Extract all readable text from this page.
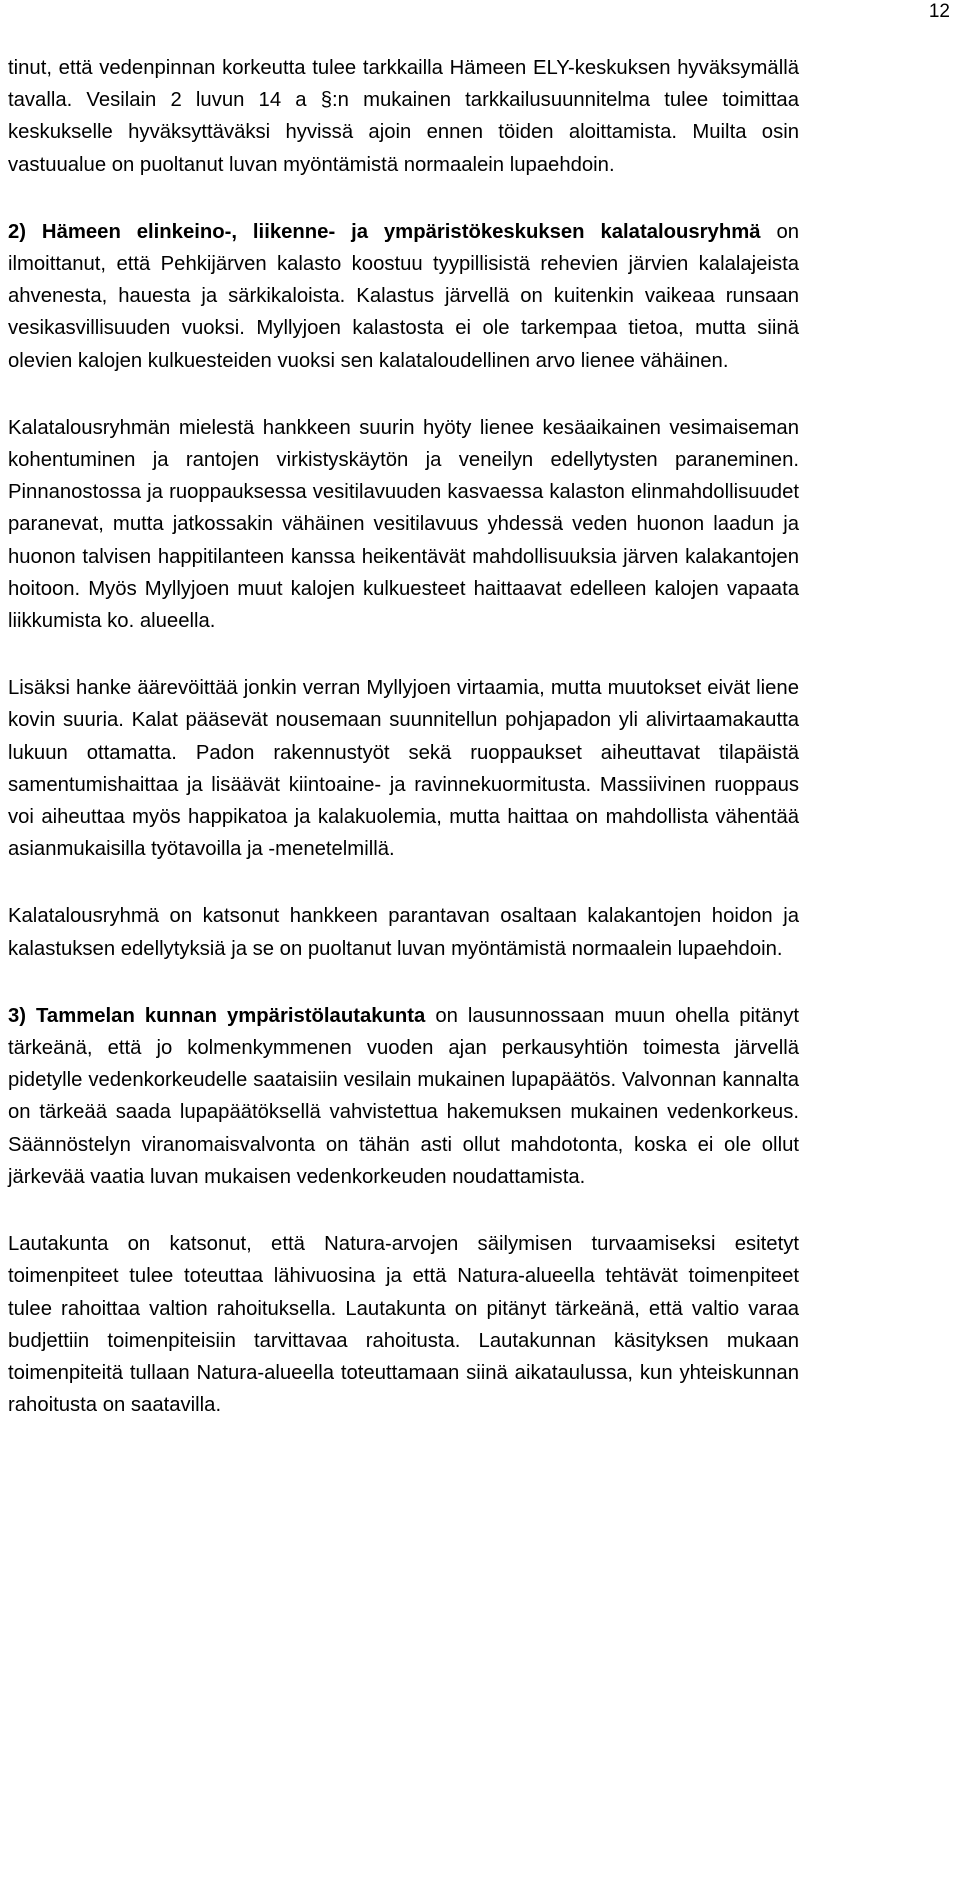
12

tinut, että vedenpinnan korkeutta tulee tarkkailla Hämeen ELY-keskuksen hyväksymällä tavalla. Vesilain 2 luvun 14 a §:n mukainen tarkkailusuunnitelma tulee toimittaa keskukselle hyväksyttäväksi hyvissä ajoin ennen töiden aloittamista. Muilta osin vastuualue on puoltanut luvan myöntämistä normaalein lupaehdoin.

2) Hämeen elinkeino-, liikenne- ja ympäristökeskuksen kalatalousryhmä on ilmoittanut, että Pehkijärven kalasto koostuu tyypillisistä rehevien järvien kalalajeista ahvenesta, hauesta ja särkikaloista. Kalastus järvellä on kuitenkin vaikeaa runsaan vesikasvillisuuden vuoksi. Myllyjoen kalastosta ei ole tarkempaa tietoa, mutta siinä olevien kalojen kulkuesteiden vuoksi sen kalataloudellinen arvo lienee vähäinen.

Kalatalousryhmän mielestä hankkeen suurin hyöty lienee kesäaikainen vesimaiseman kohentuminen ja rantojen virkistyskäytön ja veneilyn edellytysten paraneminen. Pinnanostossa ja ruoppauksessa vesitilavuuden kasvaessa kalaston elinmahdollisuudet paranevat, mutta jatkossakin vähäinen vesitilavuus yhdessä veden huonon laadun ja huonon talvisen happitilanteen kanssa heikentävät mahdollisuuksia järven kalakantojen hoitoon. Myös Myllyjoen muut kalojen kulkuesteet haittaavat edelleen kalojen vapaata liikkumista ko. alueella.

Lisäksi hanke äärevöittää jonkin verran Myllyjoen virtaamia, mutta muutokset eivät liene kovin suuria. Kalat pääsevät nousemaan suunnitellun pohjapadon yli alivirtaamakautta lukuun ottamatta. Padon rakennustyöt sekä ruoppaukset aiheuttavat tilapäistä samentumishaittaa ja lisäävät kiintoaine- ja ravinnekuormitusta. Massiivinen ruoppaus voi aiheuttaa myös happikatoa ja kalakuolemia, mutta haittaa on mahdollista vähentää asianmukaisilla työtavoilla ja -menetelmillä.

Kalatalousryhmä on katsonut hankkeen parantavan osaltaan kalakantojen hoidon ja kalastuksen edellytyksiä ja se on puoltanut luvan myöntämistä normaalein lupaehdoin.

3) Tammelan kunnan ympäristölautakunta on lausunnossaan muun ohella pitänyt tärkeänä, että jo kolmenkymmenen vuoden ajan perkausyhtiön toimesta järvellä pidetylle vedenkorkeudelle saataisiin vesilain mukainen lupapäätös. Valvonnan kannalta on tärkeää saada lupapäätöksellä vahvistettua hakemuksen mukainen vedenkorkeus. Säännöstelyn viranomaisvalvonta on tähän asti ollut mahdotonta, koska ei ole ollut järkevää vaatia luvan mukaisen vedenkorkeuden noudattamista.

Lautakunta on katsonut, että Natura-arvojen säilymisen turvaamiseksi esitetyt toimenpiteet tulee toteuttaa lähivuosina ja että Natura-alueella tehtävät toimenpiteet tulee rahoittaa valtion rahoituksella. Lautakunta on pitänyt tärkeänä, että valtio varaa budjettiin toimenpiteisiin tarvittavaa rahoitusta. Lautakunnan käsityksen mukaan toimenpiteitä tullaan Natura-alueella toteuttamaan siinä aikataulussa, kun yhteiskunnan rahoitusta on saatavilla.
